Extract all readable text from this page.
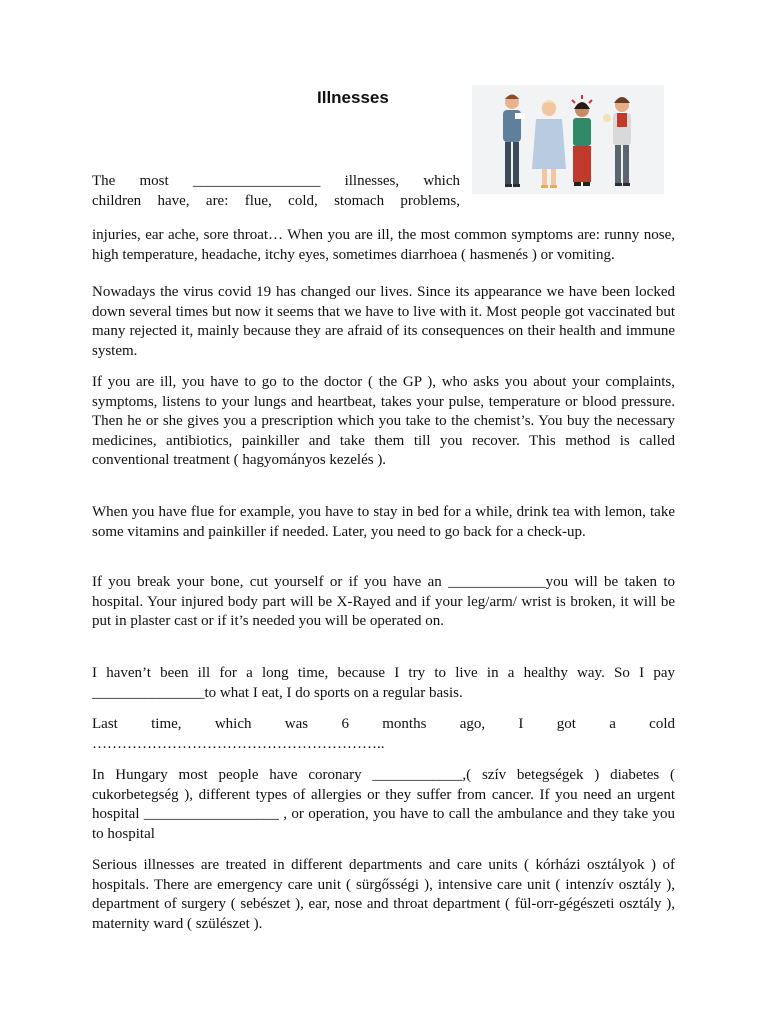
Illnesses
The most _________________ illnesses, which
children have, are: flue, cold, stomach problems,

injuries, ear ache, sore throat… When you are ill, the most common symptoms are: runny nose, high temperature, headache, itchy eyes, sometimes diarrhoea ( hasmenés ) or vomiting.

Nowadays the virus covid 19 has changed our lives. Since its appearance we have been locked down several times but now it seems that we have to live with it. Most people got vaccinated but many rejected it, mainly because they are afraid of its consequences on their health and immune system.

If you are ill, you have to go to the doctor ( the GP ), who asks you about your complaints, symptoms, listens to your lungs and heartbeat, takes your pulse, temperature or blood pressure. Then he or she gives you a prescription which you take to the chemist’s. You buy the necessary medicines, antibiotics, painkiller and take them till you recover. This method is called conventional treatment ( hagyományos kezelés ).

When you have flue for example, you have to stay in bed for a while, drink tea with lemon, take some vitamins and painkiller if needed. Later, you need to go back for a check-up.

If you break your bone, cut yourself or if you have an _____________you will be taken to hospital. Your injured body part will be X-Rayed and if your leg/arm/ wrist is broken, it will be put in plaster cast or if it’s needed you will be operated on.

I haven’t been ill for a long time, because I try to live in a healthy way. So I pay _______________to what I eat, I do sports on a regular basis.

Last time, which was 6 months ago, I got a cold
…………………………………………………..

In Hungary most people have coronary ____________,( szív betegségek ) diabetes ( cukorbetegség ), different types of allergies or they suffer from cancer. If you need an urgent hospital __________________ , or operation, you have to call the ambulance and they take you to hospital

Serious illnesses are treated in different departments and care units ( kórházi osztályok ) of hospitals. There are emergency care unit ( sürgősségi ), intensive care unit ( intenzív osztály ), department of surgery ( sebészet ), ear, nose and throat department ( fül-orr-gégészeti osztály ), maternity ward ( szülészet ).
